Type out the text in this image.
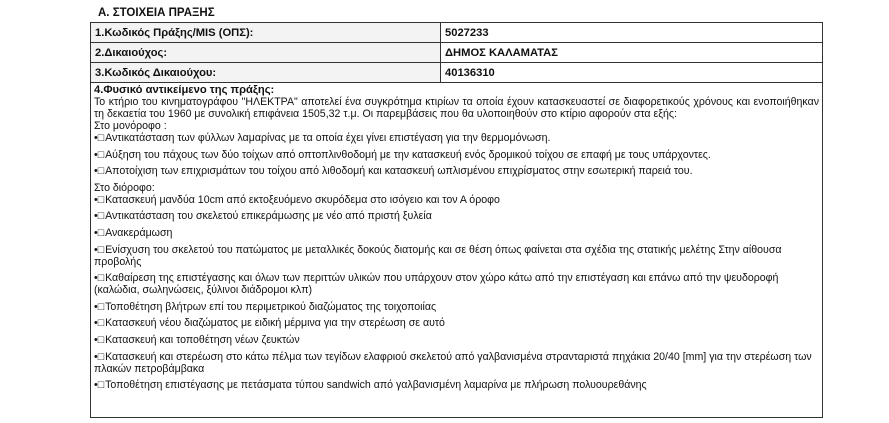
Α. ΣΤΟΙΧΕΙΑ ΠΡΑΞΗΣ
1.Κωδικός Πράξης/MIS (ΟΠΣ):	5027233
2.Δικαιούχος:	ΔΗΜΟΣ ΚΑΛΑΜΑΤΑΣ
3.Κωδικός Δικαιούχου:	40136310
4.Φυσικό αντικείμενο της πράξης:

Το κτήριο του κινηματογράφου "ΗΛΕΚΤΡΑ" αποτελεί ένα συγκρότημα κτιρίων τα οποία έχουν κατασκευαστεί σε διαφορετικούς χρόνους και ενοποιήθηκαν τη δεκαετία του 1960 με συνολική επιφάνεια 1505,32 τ.μ. Οι παρεμβάσεις που θα υλοποιηθούν στο κτίριο αφορούν στα εξής:

Στο μονόροφο :

•□Αντικατάσταση των φύλλων λαμαρίνας με τα οποία έχει γίνει επιστέγαση για την θερμομόνωση.

•□Αύξηση του πάχους των δύο τοίχων από οπτοπλινθοδομή με την κατασκευή ενός δρομικού τοίχου σε επαφή με τους υπάρχοντες.

•□Αποτοίχιση των επιχρισμάτων του τοίχου από λιθοδομή και κατασκευή ωπλισμένου επιχρίσματος στην εσωτερική παρειά του.

Στο διόροφο:

•□Κατασκευή μανδύα 10cm από εκτοξευόμενο σκυρόδεμα στο ισόγειο και τον Α όροφο

•□Αντικατάσταση του σκελετού επικεράμωσης με νέο από πριστή ξυλεία

•□Ανακεράμωση

•□Ενίσχυση του σκελετού του πατώματος με μεταλλικές δοκούς διατομής και σε θέση όπως φαίνεται στα σχέδια της στατικής μελέτης Στην αίθουσα προβολής

•□Καθαίρεση της επιστέγασης και όλων των περιττών υλικών που υπάρχουν στον χώρο κάτω από την επιστέγαση και επάνω από την ψευδοροφή (καλώδια, σωληνώσεις, ξύλινοι διάδρομοι κλπ)

•□Τοποθέτηση βλήτρων επί του περιμετρικού διαζώματος της τοιχοποιίας

•□Κατασκευή νέου διαζώματος με ειδική μέρμινα για την στερέωση σε αυτό

•□Κατασκευή και τοποθέτηση νέων ζευκτών

•□Κατασκευή και στερέωση στο κάτω πέλμα των τεγίδων ελαφριού σκελετού από γαλβανισμένα στρανταριστά πηχάκια 20/40 [mm] για την στερέωση των πλακών πετροβάμβακα

•□Τοποθέτηση επιστέγασης με πετάσματα τύπου sandwich από γαλβανισμένη λαμαρίνα με πλήρωση πολυουρεθάνης
